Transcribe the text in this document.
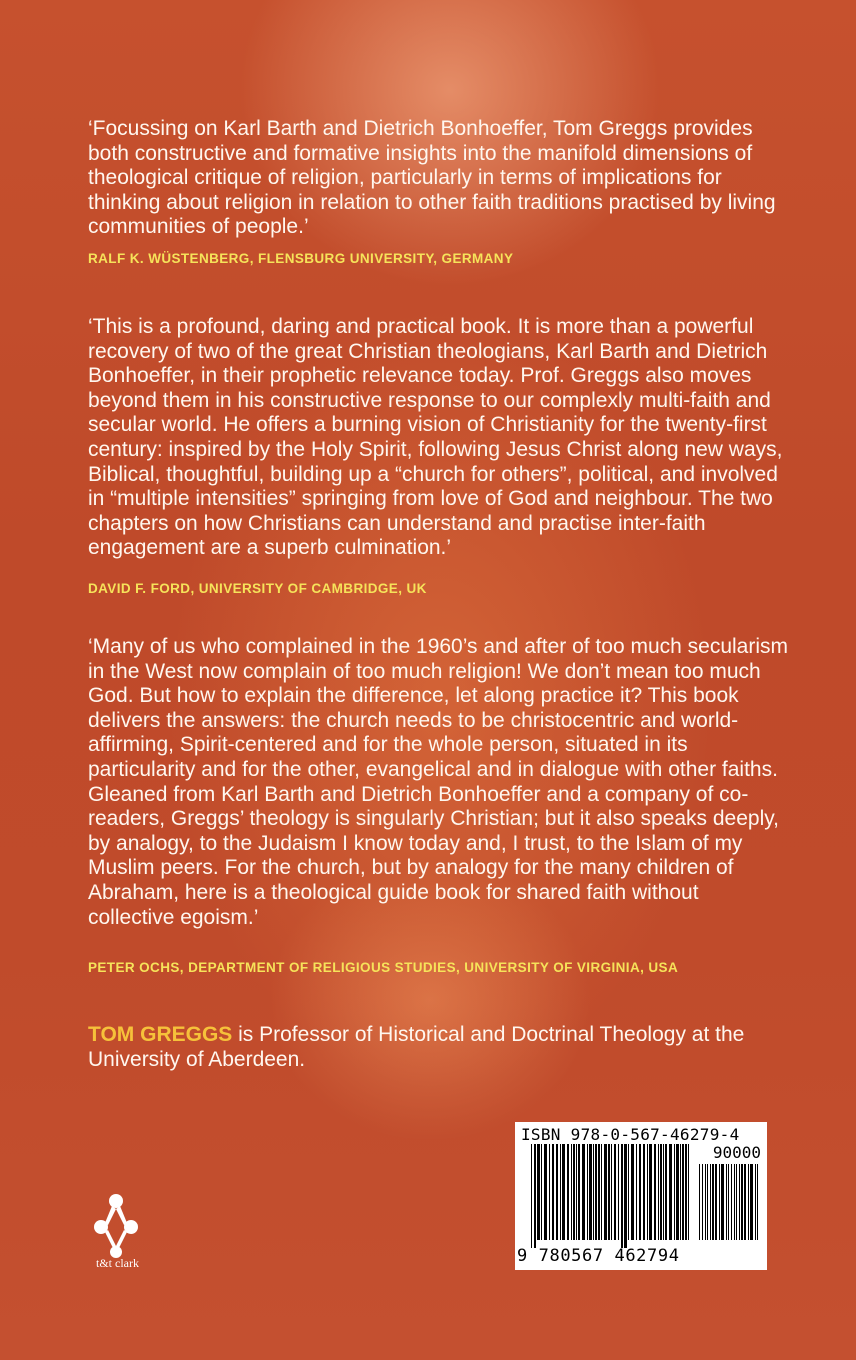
‘Focussing on Karl Barth and Dietrich Bonhoeffer, Tom Greggs provides both constructive and formative insights into the manifold dimensions of theological critique of religion, particularly in terms of implications for thinking about religion in relation to other faith traditions practised by living communities of people.’

RALF K. WÜSTENBERG, FLENSBURG UNIVERSITY, GERMANY

‘This is a profound, daring and practical book. It is more than a powerful recovery of two of the great Christian theologians, Karl Barth and Dietrich Bonhoeffer, in their prophetic relevance today. Prof. Greggs also moves beyond them in his constructive response to our complexly multi-faith and secular world. He offers a burning vision of Christianity for the twenty-first century: inspired by the Holy Spirit, following Jesus Christ along new ways, Biblical, thoughtful, building up a “church for others”, political, and involved in “multiple intensities” springing from love of God and neighbour. The two chapters on how Christians can understand and practise inter-faith engagement are a superb culmination.’

DAVID F. FORD, UNIVERSITY OF CAMBRIDGE, UK

‘Many of us who complained in the 1960’s and after of too much secularism in the West now complain of too much religion! We don’t mean too much God. But how to explain the difference, let along practice it? This book delivers the answers: the church needs to be christocentric and world-affirming, Spirit-centered and for the whole person, situated in its particularity and for the other, evangelical and in dialogue with other faiths. Gleaned from Karl Barth and Dietrich Bonhoeffer and a company of co-readers, Greggs’ theology is singularly Christian; but it also speaks deeply, by analogy, to the Judaism I know today and, I trust, to the Islam of my Muslim peers. For the church, but by analogy for the many children of Abraham, here is a theological guide book for shared faith without collective egoism.’

PETER OCHS, DEPARTMENT OF RELIGIOUS STUDIES, UNIVERSITY OF VIRGINIA, USA

TOM GREGGS is Professor of Historical and Doctrinal Theology at the University of Aberdeen.

t&t clark
ISBN 978-0-567-46279-4
90000
9 780567 462794
